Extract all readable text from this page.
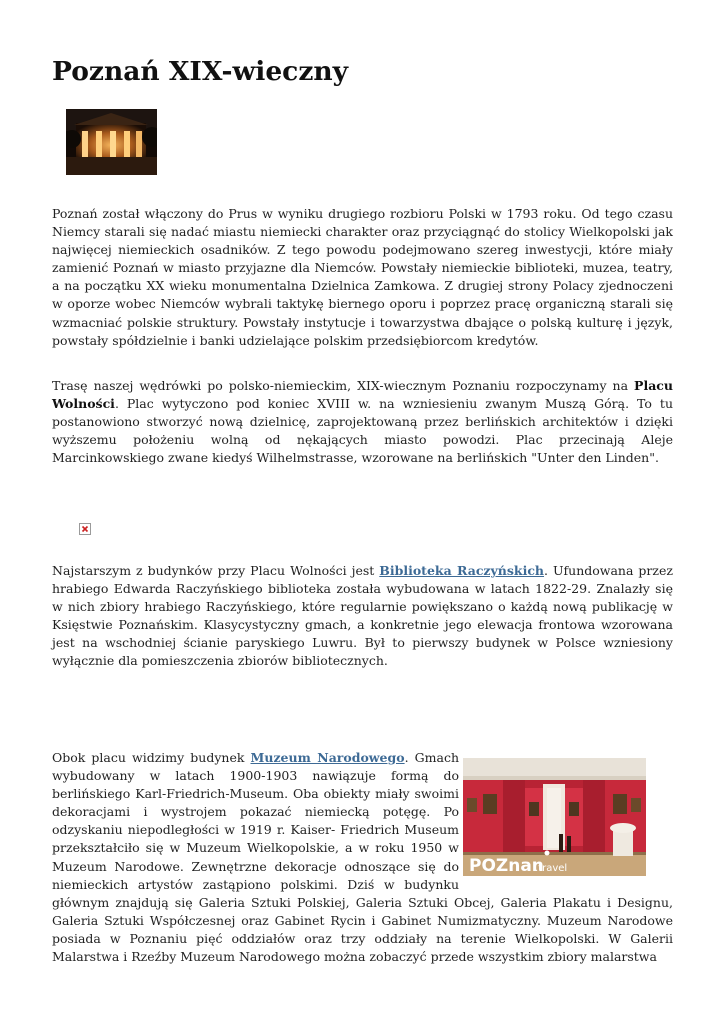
Poznań XIX-wieczny

Poznań został włączony do Prus w wyniku drugiego rozbioru Polski w 1793 roku. Od tego czasu Niemcy starali się nadać miastu niemiecki charakter oraz przyciągnąć do stolicy Wielkopolski jak najwięcej niemieckich osadników. Z tego powodu podejmowano szereg inwestycji, które miały zamienić Poznań w miasto przyjazne dla Niemców. Powstały niemieckie biblioteki, muzea, teatry, a na początku XX wieku monumentalna Dzielnica Zamkowa. Z drugiej strony Polacy zjednoczeni w oporze wobec Niemców wybrali taktykę biernego oporu i poprzez pracę organiczną starali się wzmacniać polskie struktury. Powstały instytucje i towarzystwa dbające o polską kulturę i język, powstały spółdzielnie i banki udzielające polskim przedsiębiorcom kredytów.

Trasę naszej wędrówki po polsko-niemieckim, XIX-wiecznym Poznaniu rozpoczynamy na Placu Wolności. Plac wytyczono pod koniec XVIII w. na wzniesieniu zwanym Muszą Górą. To tu postanowiono stworzyć nową dzielnicę, zaprojektowaną przez berlińskich architektów i dzięki wyższemu położeniu wolną od nękających miasto powodzi. Plac przecinają Aleje Marcinkowskiego zwane kiedyś Wilhelmstrasse, wzorowane na berlińskich "Unter den Linden".

Najstarszym z budynków przy Placu Wolności jest Biblioteka Raczyńskich. Ufundowana przez hrabiego Edwarda Raczyńskiego biblioteka została wybudowana w latach 1822-29. Znalazły się w nich zbiory hrabiego Raczyńskiego, które regularnie powiększano o każdą nową publikację w Księstwie Poznańskim. Klasycystyczny gmach, a konkretnie jego elewacja frontowa wzorowana jest na wschodniej ścianie paryskiego Luwru. Był to pierwszy budynek w Polsce wzniesiony wyłącznie dla pomieszczenia zbiorów bibliotecznych.

Obok placu widzimy budynek Muzeum Narodowego. Gmach wybudowany w latach 1900-1903 nawiązuje formą do berlińskiego Karl-Friedrich-Museum. Oba obiekty miały swoimi dekoracjami i wystrojem pokazać niemiecką potęgę. Po odzyskaniu niepodległości w 1919 r. Kaiser- Friedrich Museum przekształciło się w Muzeum Wielkopolskie, a w roku 1950 w Muzeum Narodowe. Zewnętrzne dekoracje odnoszące się do niemieckich artystów zastąpiono polskimi. Dziś w budynku głównym znajdują się Galeria Sztuki Polskiej, Galeria Sztuki Obcej, Galeria Plakatu i Designu, Galeria Sztuki Współczesnej oraz Gabinet Rycin i Gabinet Numizmatyczny. Muzeum Narodowe posiada w Poznaniu pięć oddziałów oraz trzy oddziały na terenie Wielkopolski. W Galerii Malarstwa i Rzeźby Muzeum Narodowego można zobaczyć przede wszystkim zbiory malarstwa

POZnan
.travel
